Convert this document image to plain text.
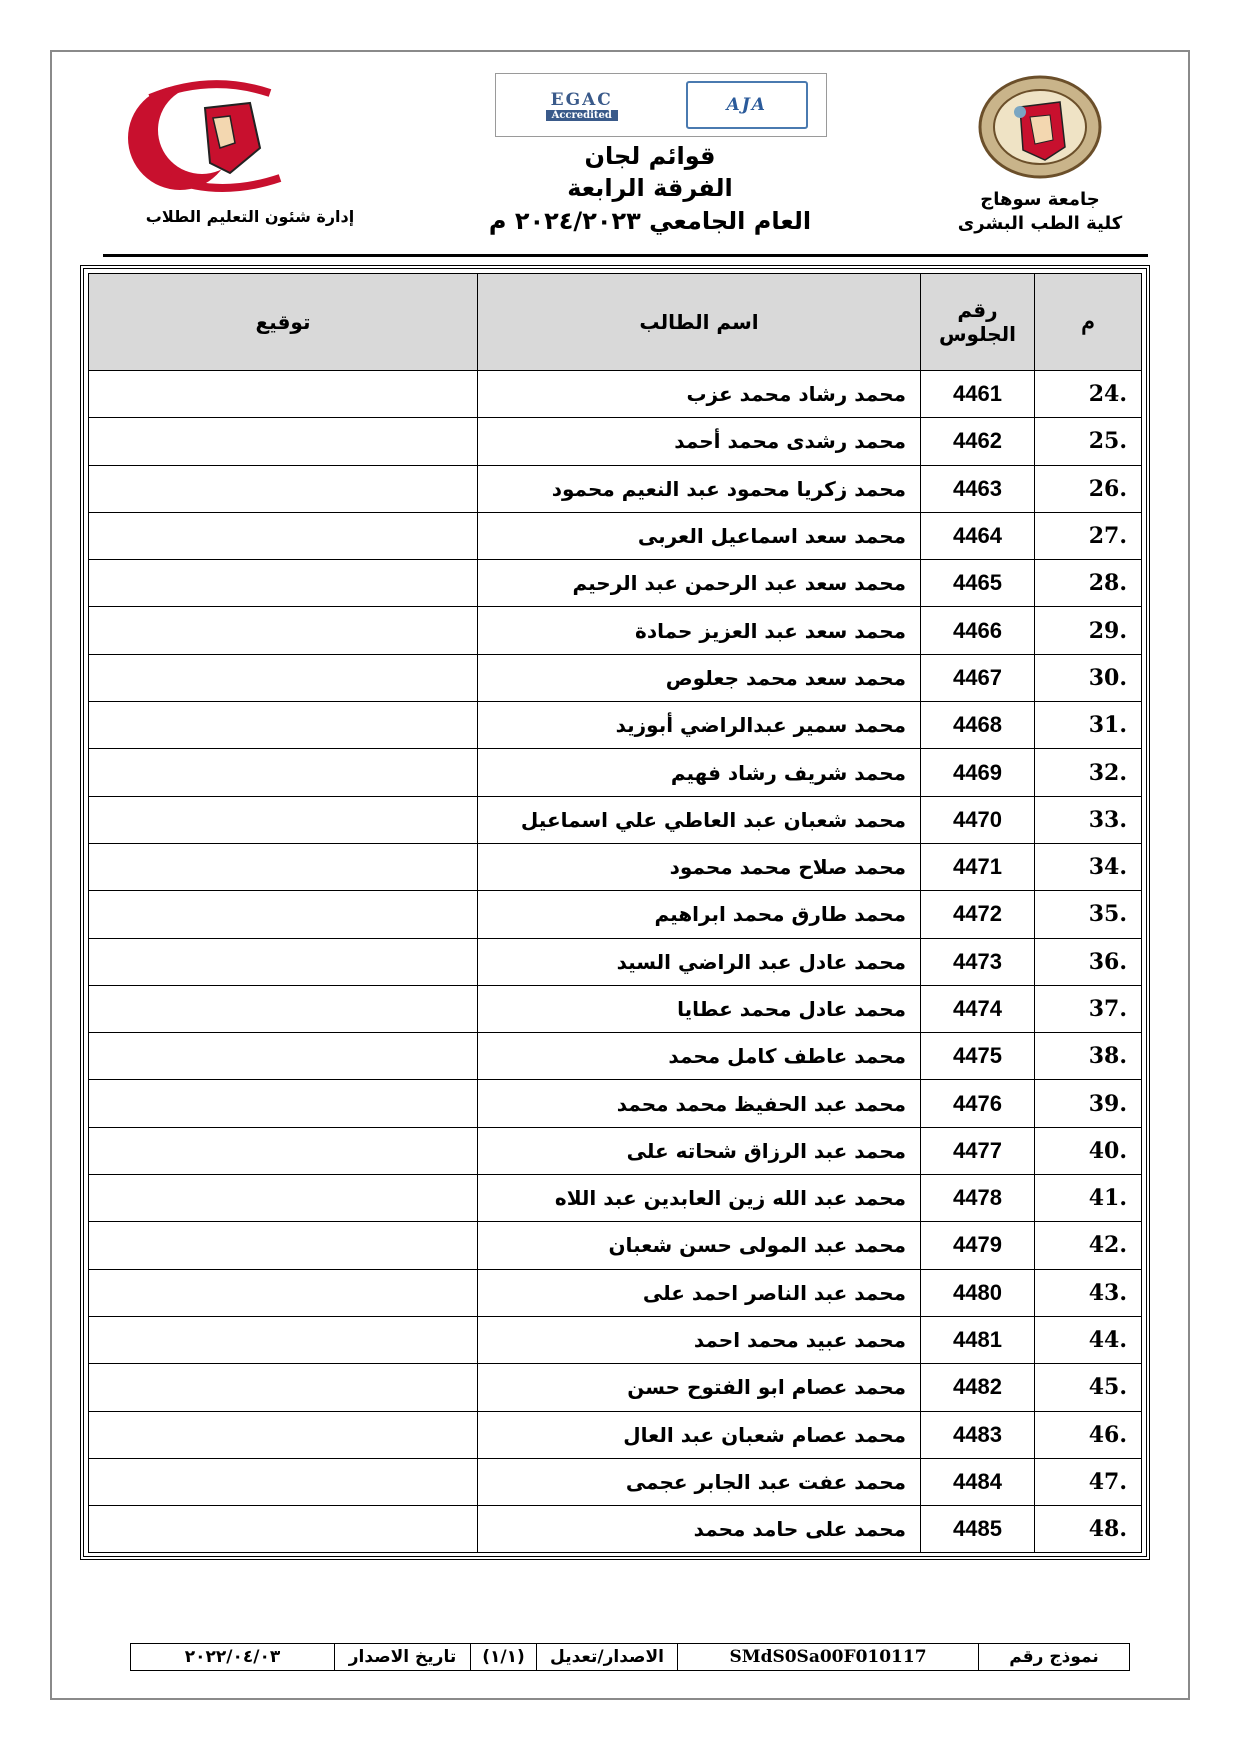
EGAC
Accredited	AJA
قوائم لجان
الفرقة الرابعة
العام الجامعي ٢٠٢٤/٢٠٢٣ م
جامعة سوهاج
كلية الطب البشرى
إدارة شئون التعليم الطلاب
م	رقم الجلوس	اسم الطالب	توقيع
24.	4461	محمد رشاد محمد عزب	
25.	4462	محمد رشدى محمد أحمد	
26.	4463	محمد زكريا محمود عبد النعيم محمود	
27.	4464	محمد سعد اسماعيل العربى	
28.	4465	محمد سعد عبد الرحمن عبد الرحيم	
29.	4466	محمد سعد عبد العزيز حمادة	
30.	4467	محمد سعد محمد جعلوص	
31.	4468	محمد سمير عبدالراضي أبوزيد	
32.	4469	محمد شريف رشاد فهيم	
33.	4470	محمد شعبان عبد العاطي علي اسماعيل	
34.	4471	محمد صلاح محمد محمود	
35.	4472	محمد طارق محمد ابراهيم	
36.	4473	محمد عادل عبد الراضي السيد	
37.	4474	محمد عادل محمد عطايا	
38.	4475	محمد عاطف كامل محمد	
39.	4476	محمد عبد الحفيظ محمد محمد	
40.	4477	محمد عبد الرزاق شحاته على	
41.	4478	محمد عبد الله زين العابدين عبد اللاه	
42.	4479	محمد عبد المولى حسن شعبان	
43.	4480	محمد عبد الناصر احمد على	
44.	4481	محمد عبيد محمد احمد	
45.	4482	محمد عصام ابو الفتوح حسن	
46.	4483	محمد عصام شعبان عبد العال	
47.	4484	محمد عفت عبد الجابر عجمى	
48.	4485	محمد على حامد محمد	
نموذج رقم
SMdS0Sa00F010117
الاصدار/تعديل
(١/١)
تاريخ الاصدار
٢٠٢٢/٠٤/٠٣
